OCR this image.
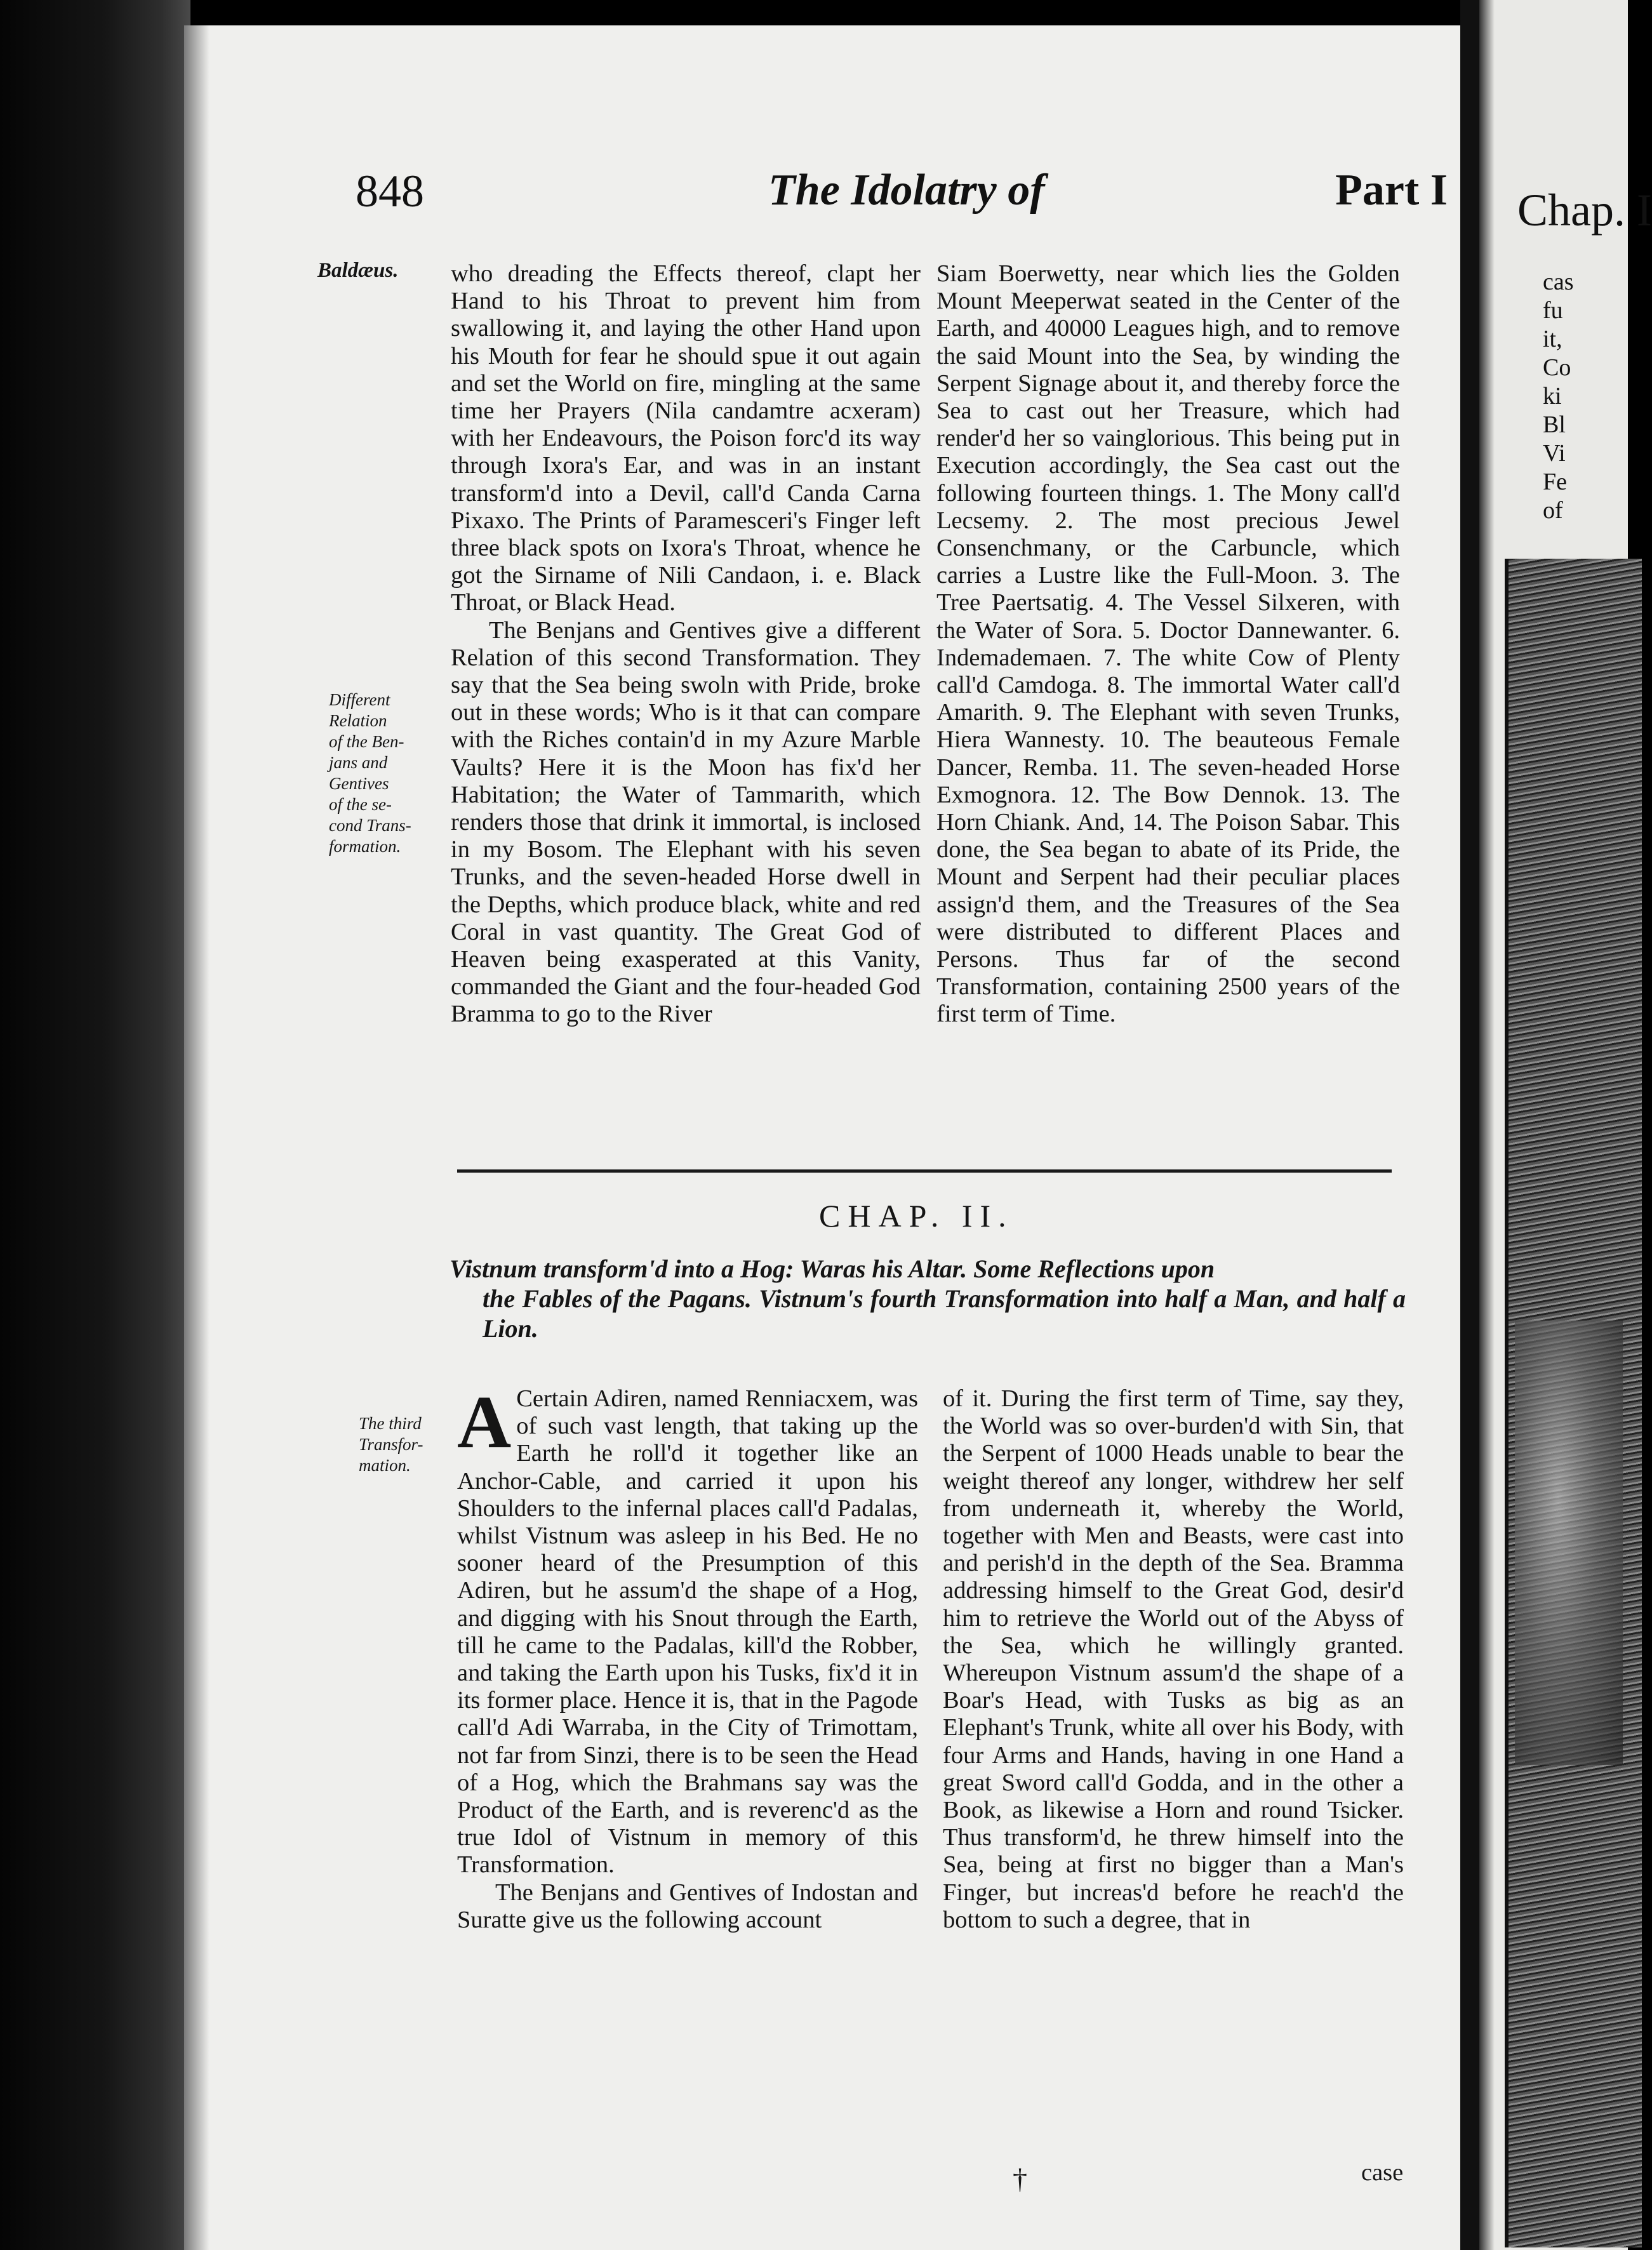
848	The Idolatry of	Part I
Baldæus.
Different
Relation
of the Ben-
jans and
Gentives
of the se-
cond Trans-
formation.
The third
Transfor-
mation.

who dreading the Effects thereof, clapt her Hand to his Throat to prevent him from swallowing it, and laying the other Hand upon his Mouth for fear he should spue it out again and set the World on fire, mingling at the same time her Prayers (Nila candamtre acxeram) with her Endeavours, the Poison forc'd its way through Ixora's Ear, and was in an instant transform'd into a Devil, call'd Canda Carna Pixaxo. The Prints of Paramesceri's Finger left three black spots on Ixora's Throat, whence he got the Sirname of Nili Candaon, i. e. Black Throat, or Black Head.

The Benjans and Gentives give a different Relation of this second Transformation. They say that the Sea being swoln with Pride, broke out in these words; Who is it that can compare with the Riches contain'd in my Azure Marble Vaults? Here it is the Moon has fix'd her Habitation; the Water of Tammarith, which renders those that drink it immortal, is inclosed in my Bosom. The Elephant with his seven Trunks, and the seven-headed Horse dwell in the Depths, which produce black, white and red Coral in vast quantity. The Great God of Heaven being exasperated at this Vanity, commanded the Giant and the four-headed God Bramma to go to the River

Siam Boerwetty, near which lies the Golden Mount Meeperwat seated in the Center of the Earth, and 40000 Leagues high, and to remove the said Mount into the Sea, by winding the Serpent Signage about it, and thereby force the Sea to cast out her Treasure, which had render'd her so vainglorious. This being put in Execution accordingly, the Sea cast out the following fourteen things. 1. The Mony call'd Lecsemy. 2. The most precious Jewel Consenchmany, or the Carbuncle, which carries a Lustre like the Full-Moon. 3. The Tree Paertsatig. 4. The Vessel Silxeren, with the Water of Sora. 5. Doctor Dannewanter. 6. Indemademaen. 7. The white Cow of Plenty call'd Camdoga. 8. The immortal Water call'd Amarith. 9. The Elephant with seven Trunks, Hiera Wannesty. 10. The beauteous Female Dancer, Remba. 11. The seven-headed Horse Exmognora. 12. The Bow Dennok. 13. The Horn Chiank. And, 14. The Poison Sabar. This done, the Sea began to abate of its Pride, the Mount and Serpent had their peculiar places assign'd them, and the Treasures of the Sea were distributed to different Places and Persons. Thus far of the second Transformation, containing 2500 years of the first term of Time.

CHAP. II.
Vistnum transform'd into a Hog: Waras his Altar. Some Reflections upon
the Fables of the Pagans. Vistnum's fourth Transformation into half a Man, and half a Lion.

A Certain Adiren, named Renniacxem, was of such vast length, that taking up the Earth he roll'd it together like an Anchor-Cable, and carried it upon his Shoulders to the infernal places call'd Padalas, whilst Vistnum was asleep in his Bed. He no sooner heard of the Presumption of this Adiren, but he assum'd the shape of a Hog, and digging with his Snout through the Earth, till he came to the Padalas, kill'd the Robber, and taking the Earth upon his Tusks, fix'd it in its former place. Hence it is, that in the Pagode call'd Adi Warraba, in the City of Trimottam, not far from Sinzi, there is to be seen the Head of a Hog, which the Brahmans say was the Product of the Earth, and is reverenc'd as the true Idol of Vistnum in memory of this Transformation.

The Benjans and Gentives of Indostan and Suratte give us the following account

of it. During the first term of Time, say they, the World was so over-burden'd with Sin, that the Serpent of 1000 Heads unable to bear the weight thereof any longer, withdrew her self from underneath it, whereby the World, together with Men and Beasts, were cast into and perish'd in the depth of the Sea. Bramma addressing himself to the Great God, desir'd him to retrieve the World out of the Abyss of the Sea, which he willingly granted. Whereupon Vistnum assum'd the shape of a Boar's Head, with Tusks as big as an Elephant's Trunk, white all over his Body, with four Arms and Hands, having in one Hand a great Sword call'd Godda, and in the other a Book, as likewise a Horn and round Tsicker. Thus transform'd, he threw himself into the Sea, being at first no bigger than a Man's Finger, but increas'd before he reach'd the bottom to such a degree, that in

†	case
Chap. I
cas
fu
it,
Co
ki
Bl
Vi
Fe
of
